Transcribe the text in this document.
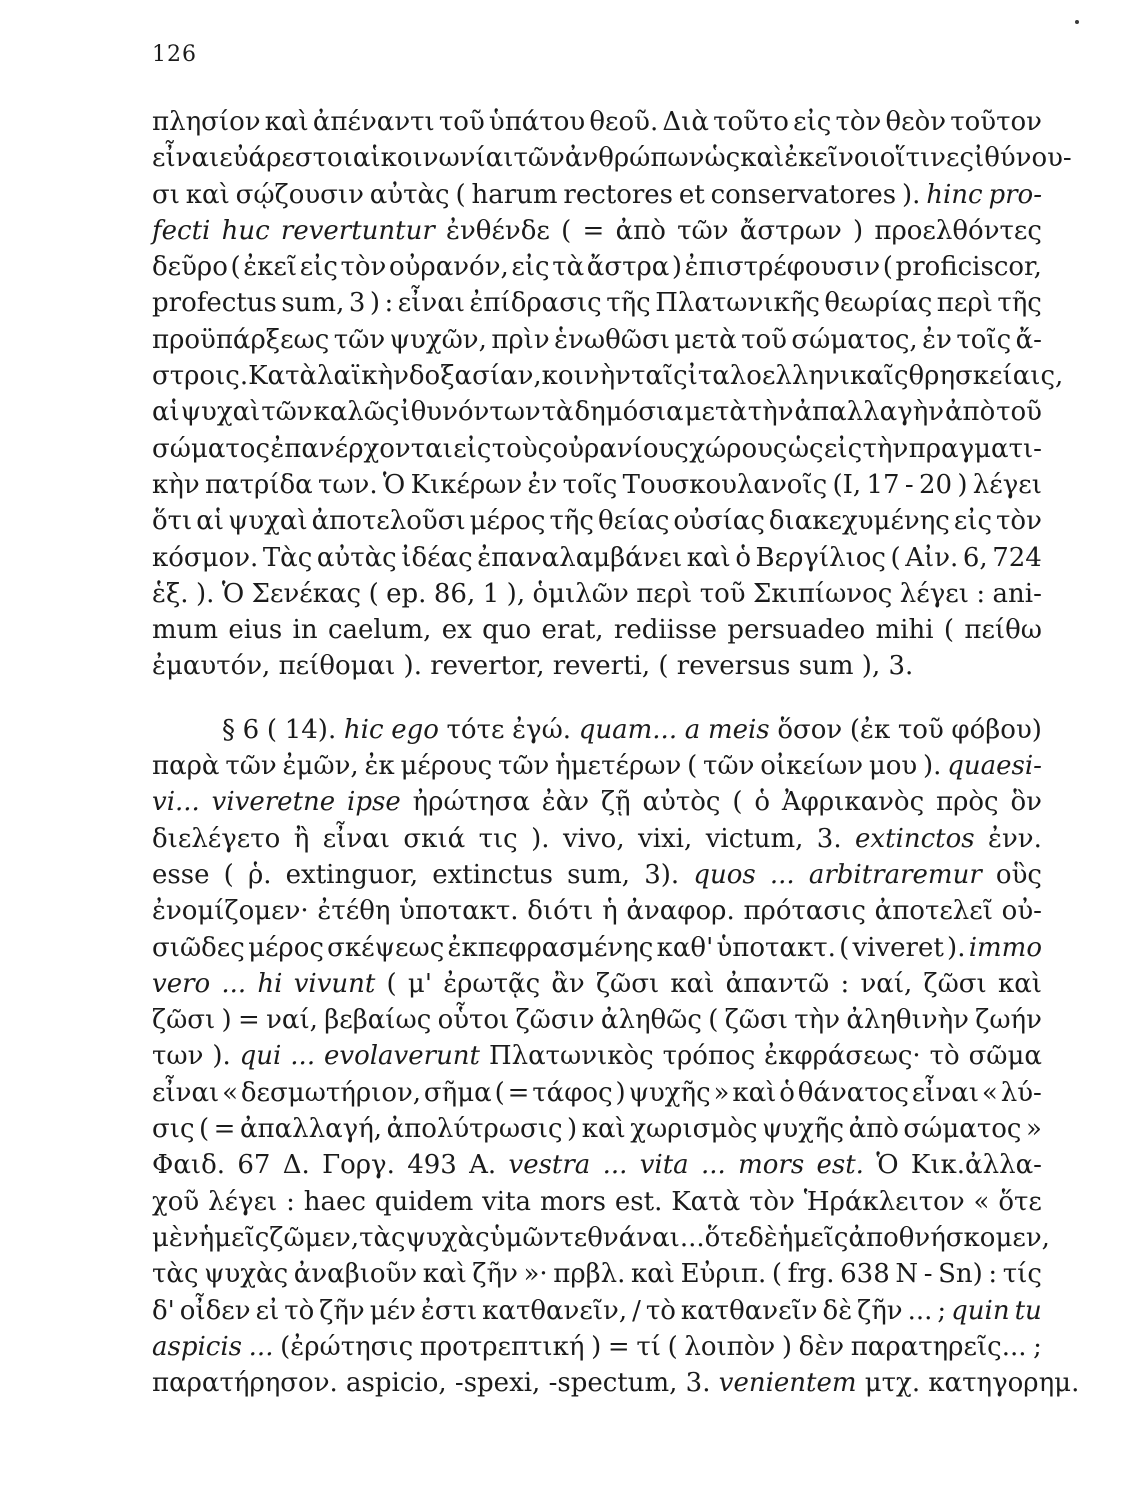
126
πλησίον καὶ ἀπέναντι τοῦ ὑπάτου θεοῦ. Διὰ τοῦτο εἰς τὸν θεὸν τοῦτον
εἶναι εὐάρεστοι αἱ κοινωνίαι τῶν ἀνθρώπων ὡς καὶ ἐκεῖνοι οἵτινες ἰθύνου-
σι καὶ σῴζουσιν αὐτὰς ( harum rectores et conservatores ). hinc pro-
fecti huc revertuntur ἐνθένδε ( = ἀπὸ τῶν ἄστρων ) προελθόντες
δεῦρο ( ἐκεῖ εἰς τὸν οὐρανόν, εἰς τὰ ἄστρα ) ἐπιστρέφουσιν ( proficiscor,
profectus sum, 3 ) : εἶναι ἐπίδρασις τῆς Πλατωνικῆς θεωρίας περὶ τῆς
προϋπάρξεως τῶν ψυχῶν, πρὶν ἑνωθῶσι μετὰ τοῦ σώματος, ἐν τοῖς ἄ-
στροις. Κατὰ λαϊκὴν δοξασίαν, κοινὴν ταῖς ἰταλοελληνικαῖς θρησκείαις,
αἱ ψυχαὶ τῶν καλῶς ἰθυνόντων τὰ δημόσια μετὰ τὴν ἀπαλλαγὴν ἀπὸ τοῦ
σώματος ἐπανέρχονται εἰς τοὺς οὐρανίους χώρους ὡς εἰς τὴν πραγματι-
κὴν πατρίδα των. Ὁ Κικέρων ἐν τοῖς Τουσκουλανοῖς (I, 17 - 20 ) λέγει
ὅτι αἱ ψυχαὶ ἀποτελοῦσι μέρος τῆς θείας οὐσίας διακεχυμένης εἰς τὸν
κόσμον. Τὰς αὐτὰς ἰδέας ἐπαναλαμβάνει καὶ ὁ Βεργίλιος ( Αἰν. 6, 724
ἑξ. ). Ὁ Σενέκας ( ep. 86, 1 ), ὁμιλῶν περὶ τοῦ Σκιπίωνος λέγει : ani-
mum eius in caelum, ex quo erat, rediisse persuadeo mihi ( πείθω
ἐμαυτόν, πείθομαι ). revertor, reverti, ( reversus sum ), 3.
§ 6 ( 14). hic ego τότε ἐγώ. quam... a meis ὅσον (ἐκ τοῦ φόβου)
παρὰ τῶν ἐμῶν, ἐκ μέρους τῶν ἡμετέρων ( τῶν οἰκείων μου ). quaesi-
vi... viveretne ipse ἠρώτησα ἐὰν ζῇ αὐτὸς ( ὁ Ἀφρικανὸς πρὸς ὃν
διελέγετο ἢ εἶναι σκιά τις ). vivo, vixi, victum, 3. extinctos ἐνν.
esse ( ῥ. extinguor, extinctus sum, 3). quos ... arbitraremur οὓς
ἐνομίζομεν· ἐτέθη ὑποτακτ. διότι ἡ ἀναφορ. πρότασις ἀποτελεῖ οὐ-
σιῶδες μέρος σκέψεως ἐκπεφρασμένης καθ' ὑποτακτ. ( viveret ). immo
vero ... hi vivunt ( μ' ἐρωτᾷς ἂν ζῶσι καὶ ἀπαντῶ : ναί, ζῶσι καὶ
ζῶσι ) = ναί, βεβαίως οὗτοι ζῶσιν ἀληθῶς ( ζῶσι τὴν ἀληθινὴν ζωήν
των ). qui ... evolaverunt Πλατωνικὸς τρόπος ἐκφράσεως· τὸ σῶμα
εἶναι « δεσμωτήριον, σῆμα ( = τάφος ) ψυχῆς » καὶ ὁ θάνατος εἶναι « λύ-
σις ( = ἀπαλλαγή, ἀπολύτρωσις ) καὶ χωρισμὸς ψυχῆς ἀπὸ σώματος »
Φαιδ. 67 Δ. Γοργ. 493 Α. vestra ... vita ... mors est. Ὁ Κικ.ἀλλα-
χοῦ λέγει : haec quidem vita mors est. Κατὰ τὸν Ἡράκλειτον « ὅτε
μὲν ἡμεῖς ζῶμεν, τὰς ψυχὰς ὑμῶν τεθνάναι... ὅτε δὲ ἡμεῖς ἀποθνήσκομεν,
τὰς ψυχὰς ἀναβιοῦν καὶ ζῆν »· πρβλ. καὶ Εὐριπ. ( frg. 638 N - Sn) : τίς
δ' οἶδεν εἰ τὸ ζῆν μέν ἐστι κατθανεῖν, / τὸ κατθανεῖν δὲ ζῆν ... ; quin tu
aspicis ... (ἐρώτησις προτρεπτική ) = τί ( λοιπὸν ) δὲν παρατηρεῖς... ;
παρατήρησον. aspicio, -spexi, -spectum, 3. venientem μτχ. κατηγορημ.
